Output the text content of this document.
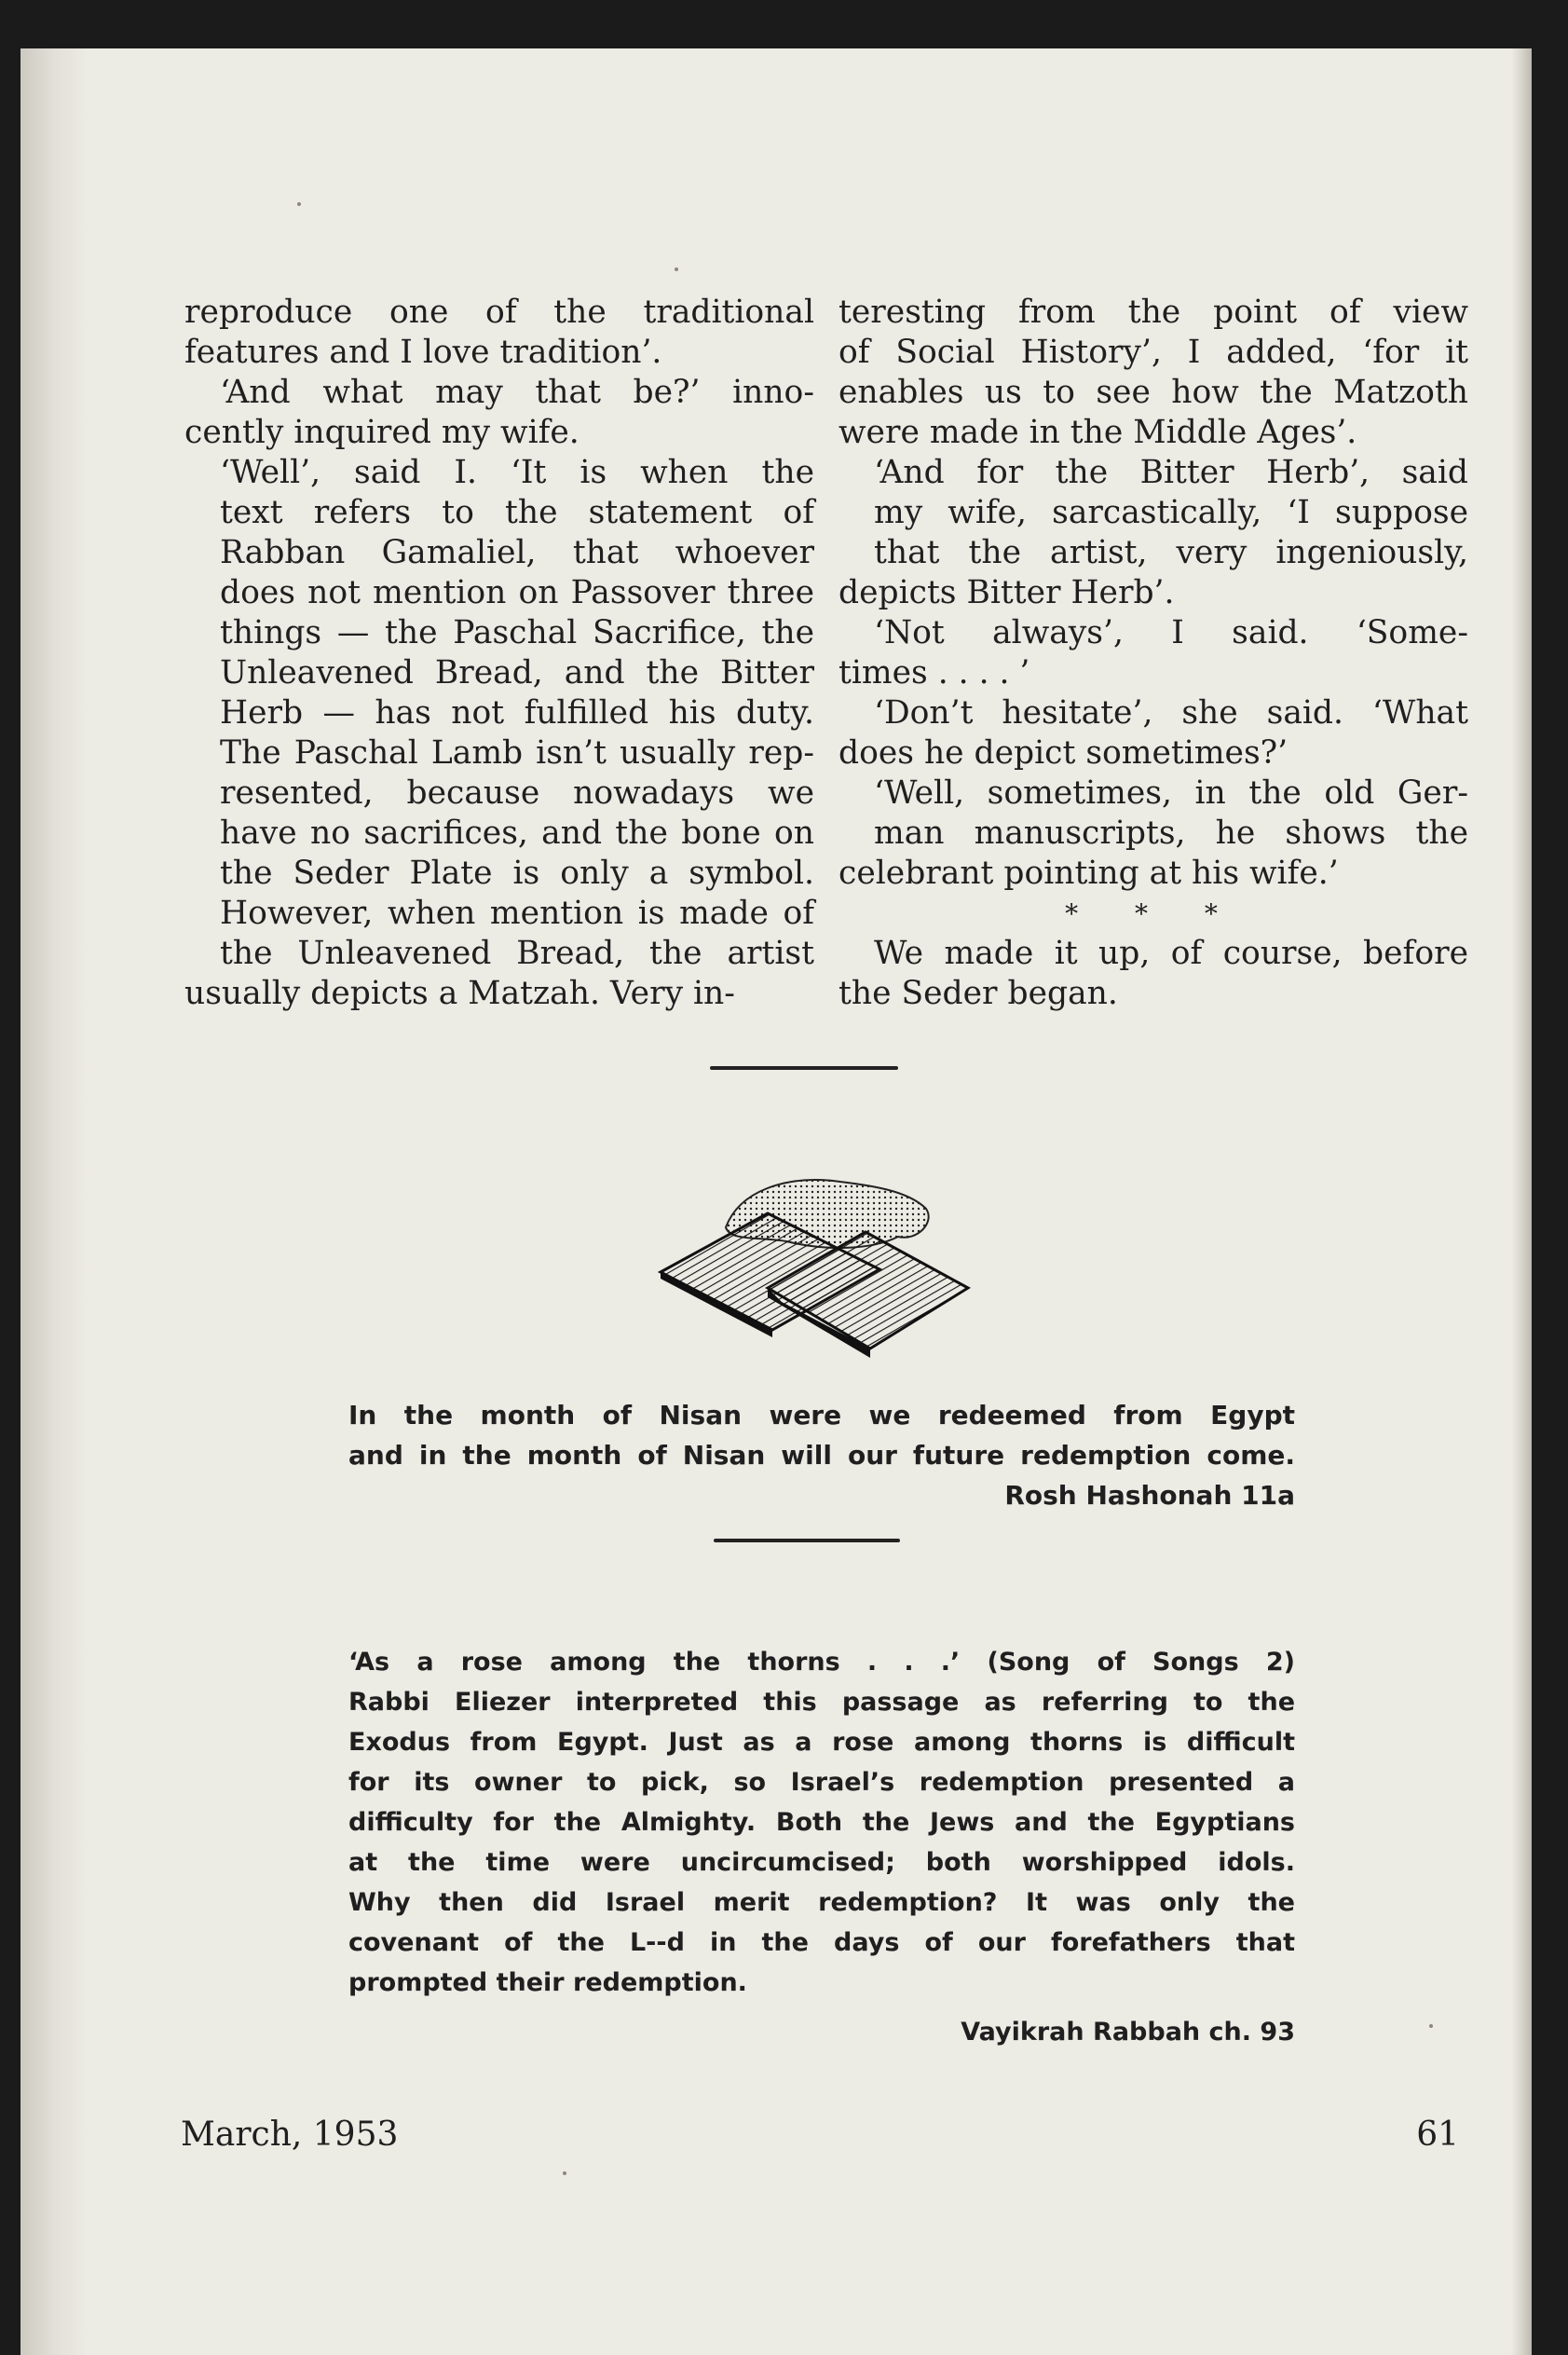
reproduce one of the traditional
features and I love tradition’.

‘And what may that be?’ inno-
cently inquired my wife.

‘Well’, said I. ‘It is when the
text refers to the statement of
Rabban Gamaliel, that whoever
does not mention on Passover three
things — the Paschal Sacrifice, the
Unleavened Bread, and the Bitter
Herb — has not fulfilled his duty.
The Paschal Lamb isn’t usually rep-
resented, because nowadays we
have no sacrifices, and the bone on
the Seder Plate is only a symbol.
However, when mention is made of
the Unleavened Bread, the artist
usually depicts a Matzah. Very in-

teresting from the point of view
of Social History’, I added, ‘for it
enables us to see how the Matzoth
were made in the Middle Ages’.

‘And for the Bitter Herb’, said
my wife, sarcastically, ‘I suppose
that the artist, very ingeniously,
depicts Bitter Herb’.

‘Not always’, I said. ‘Some-
times . . . . ’

‘Don’t hesitate’, she said. ‘What
does he depict sometimes?’

‘Well, sometimes, in the old Ger-
man manuscripts, he shows the
celebrant pointing at his wife.’

* * *

We made it up, of course, before
the Seder began.

In the month of Nisan were we redeemed from Egypt
and in the month of Nisan will our future redemption come.
Rosh Hashonah 11a
‘As a rose among the thorns . . .’ (Song of Songs 2)
Rabbi Eliezer interpreted this passage as referring to the
Exodus from Egypt. Just as a rose among thorns is difficult
for its owner to pick, so Israel’s redemption presented a
difficulty for the Almighty. Both the Jews and the Egyptians
at the time were uncircumcised; both worshipped idols.
Why then did Israel merit redemption? It was only the
covenant of the L--d in the days of our forefathers that
prompted their redemption.
Vayikrah Rabbah ch. 93
March, 1953	61
